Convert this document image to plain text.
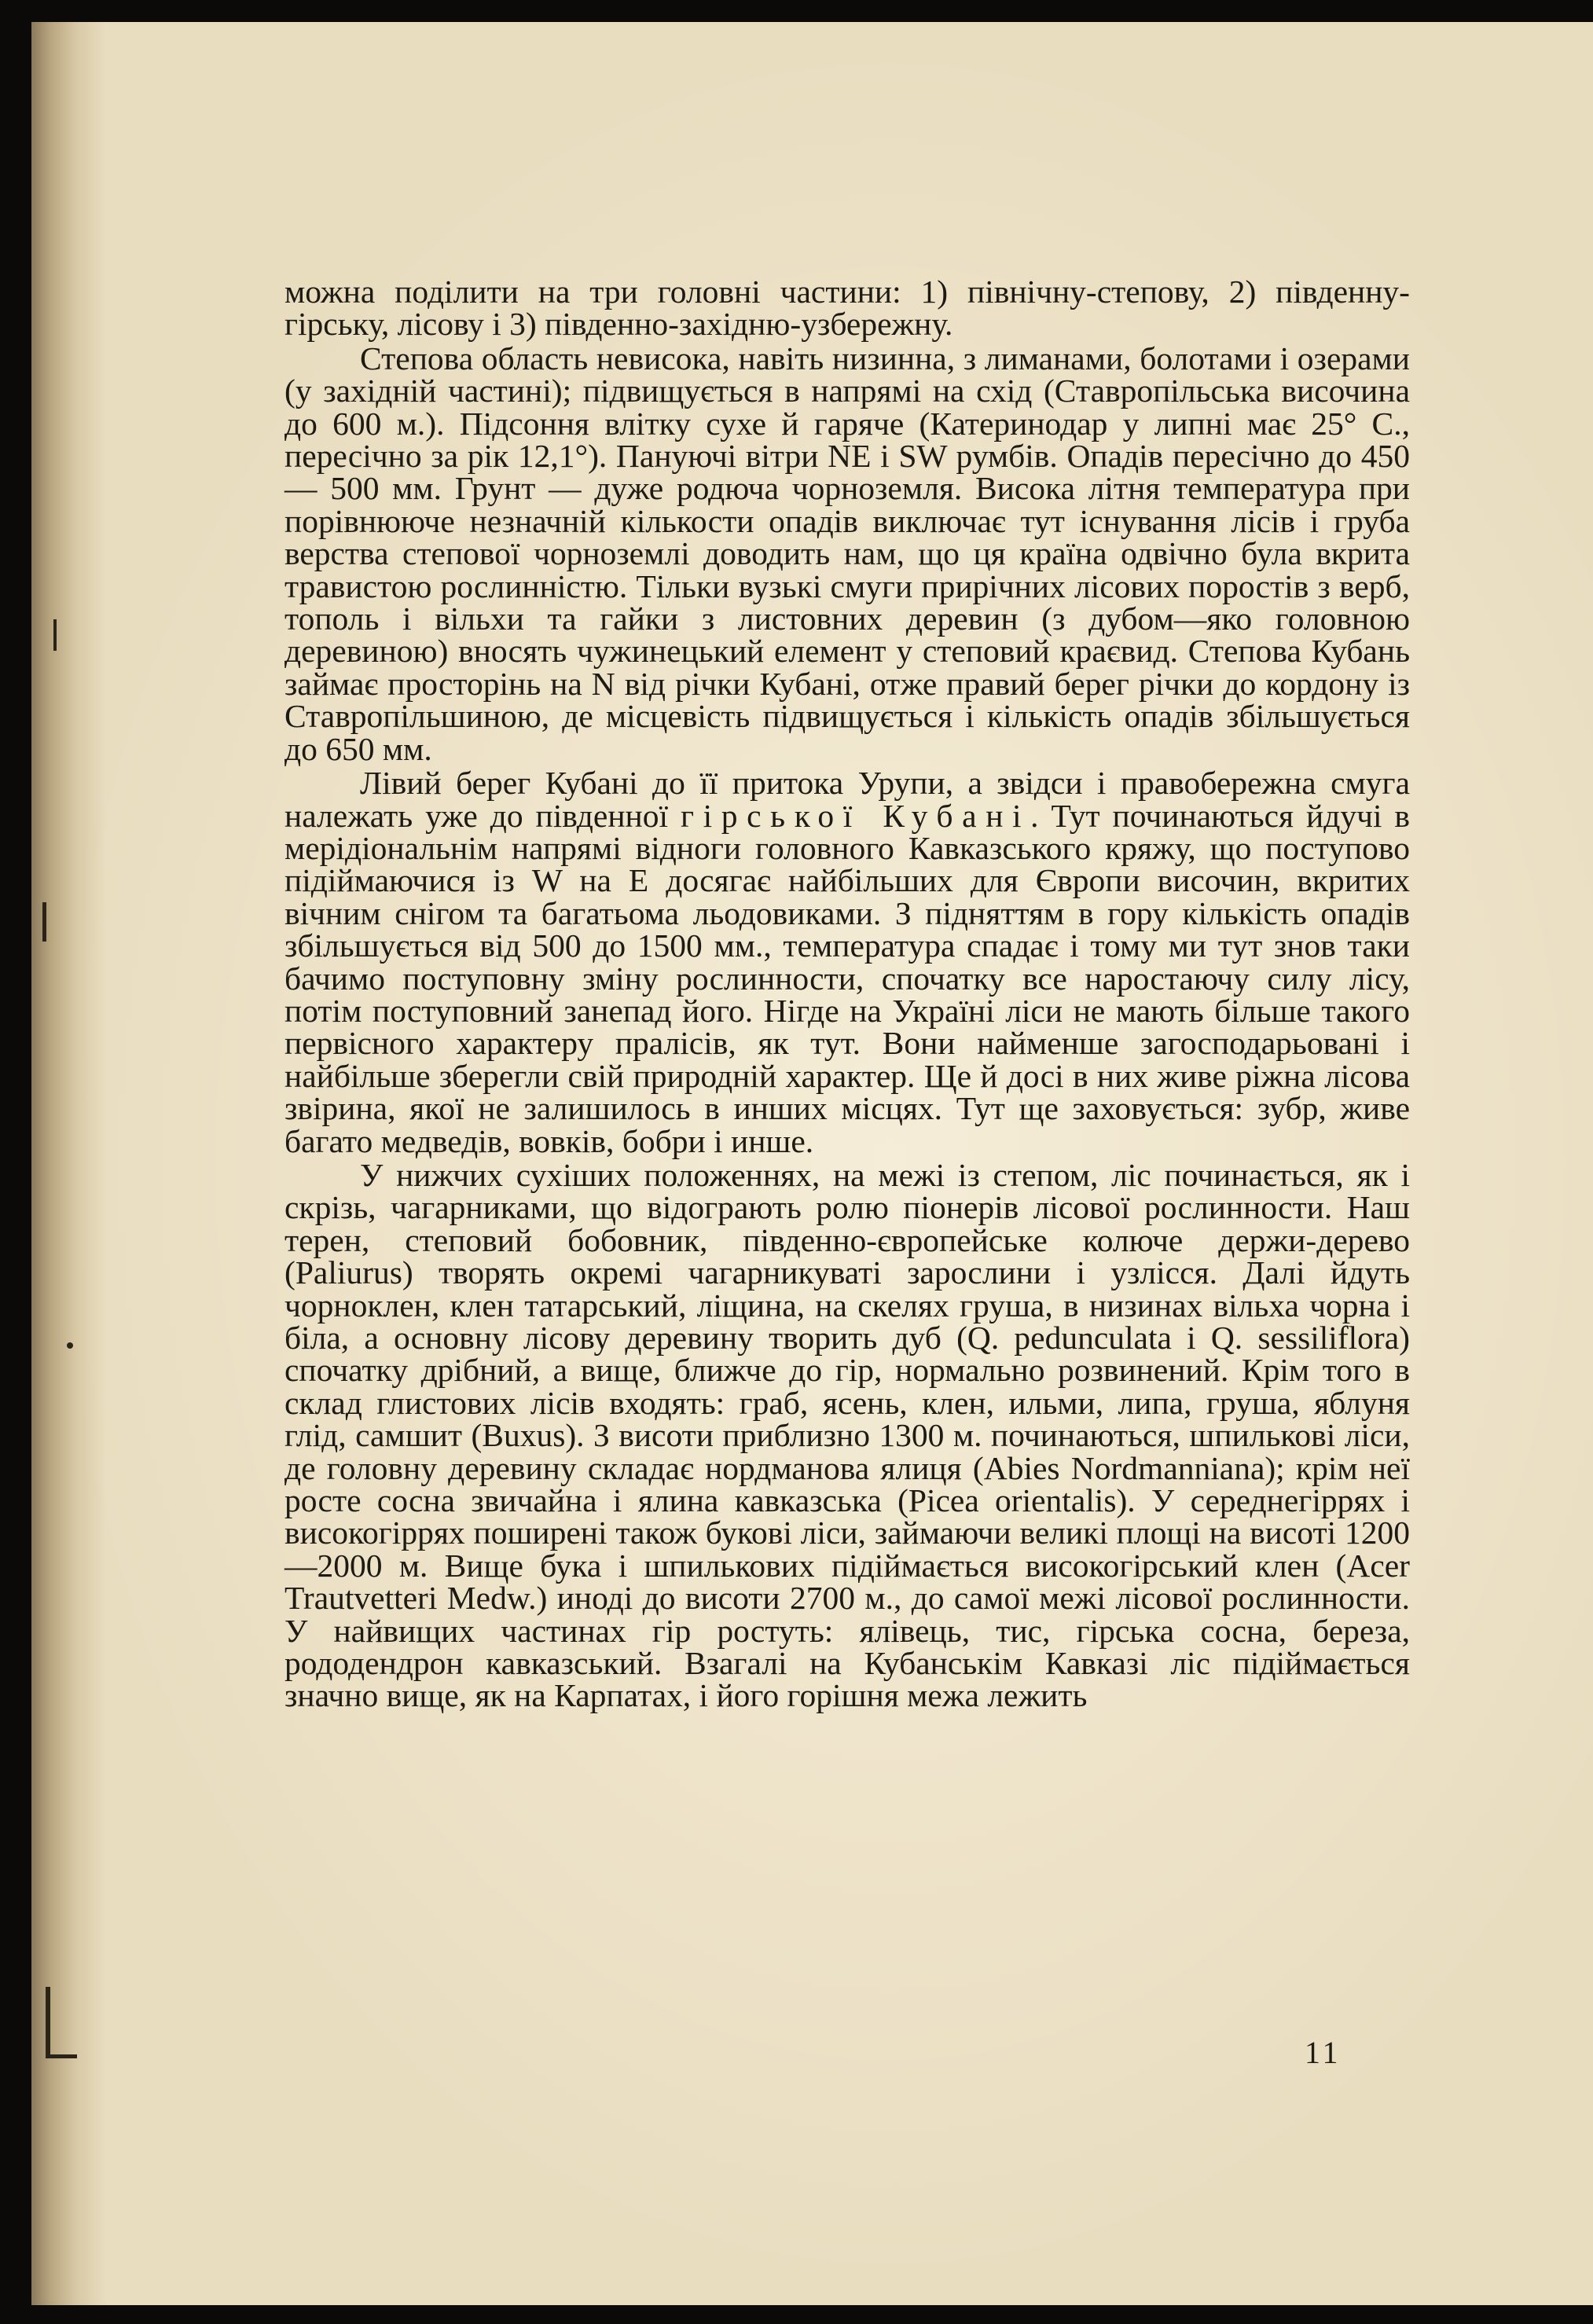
можна поділити на три головні частини: 1) північну-степову, 2) південну-гірську, лісову і 3) південно-західню-узбережну.

Степова область невисока, навіть низинна, з лиманами, болотами і озерами (у західній частині); підвищується в напрямі на схід (Ставропільська височина до 600 м.). Підсоння влітку сухе й гаряче (Катеринодар у липні має 25° С., пересічно за рік 12,1°). Пануючі вітри NE і SW румбів. Опадів пересічно до 450 — 500 мм. Грунт — дуже родюча чорноземля. Висока літня температура при порівнююче незначній кількости опадів виключає тут існування лісів і груба верства степової чорноземлі доводить нам, що ця країна одвічно була вкрита травистою рослинністю. Тільки вузькі смуги прирічних лісових поростів з верб, тополь і вільхи та гайки з листовних деревин (з дубом—яко головною деревиною) вносять чужинецький елемент у степовий краєвид. Степова Кубань займає просторінь на N від річки Кубані, отже правий берег річки до кордону із Ставропільшиною, де місцевість підвищується і кількість опадів збільшується до 650 мм.

Лівий берег Кубані до її притока Урупи, а звідси і правобережна смуга належать уже до південної гірської Кубані. Тут починаються йдучі в мерідіональнім напрямі відноги головного Кавказського кряжу, що поступово підіймаючися із W на E досягає найбільших для Європи височин, вкритих вічним снігом та багатьома льодовиками. З підняттям в гору кількість опадів збільшується від 500 до 1500 мм., температура спадає і тому ми тут знов таки бачимо поступовну зміну рослинности, спочатку все наростаючу силу лісу, потім поступовний занепад його. Нігде на Україні ліси не мають більше такого первісного характеру пралісів, як тут. Вони найменше загосподарьовані і найбільше зберегли свій природній характер. Ще й досі в них живе ріжна лісова звірина, якої не залишилось в инших місцях. Тут ще заховується: зубр, живе багато медведів, вовків, бобри і инше.

У нижчих сухіших положеннях, на межі із степом, ліс починається, як і скрізь, чагарниками, що відограють ролю піонерів лісової рослинности. Наш терен, степовий бобовник, південно-європейське колюче держи-дерево (Paliurus) творять окремі чагарникуваті зарослини і узлісся. Далі йдуть чорноклен, клен татарський, ліщина, на скелях груша, в низинах вільха чорна і біла, а основну лісову деревину творить дуб (Q. pedunculata і Q. sessiliflora) спочатку дрібний, а вище, ближче до гір, нормально розвинений. Крім того в склад глистових лісів входять: граб, ясень, клен, ильми, липа, груша, яблуня глід, самшит (Buxus). З висоти приблизно 1300 м. починаються, шпилькові ліси, де головну деревину складає нордманова ялиця (Abies Nordmanniana); крім неї росте сосна звичайна і ялина кавказська (Picea orientalis). У середнегіррях і високогіррях поширені також букові ліси, займаючи великі площі на висоті 1200—2000 м. Вище бука і шпилькових підіймається високогірський клен (Acer Trautvetteri Medw.) иноді до висоти 2700 м., до самої межі лісової рослинности. У найвищих частинах гір ростуть: ялівець, тис, гірська сосна, береза, рододендрон кавказський. Взагалі на Кубанськім Кавказі ліс підіймається значно вище, як на Карпатах, і його горішня межа лежить

11
